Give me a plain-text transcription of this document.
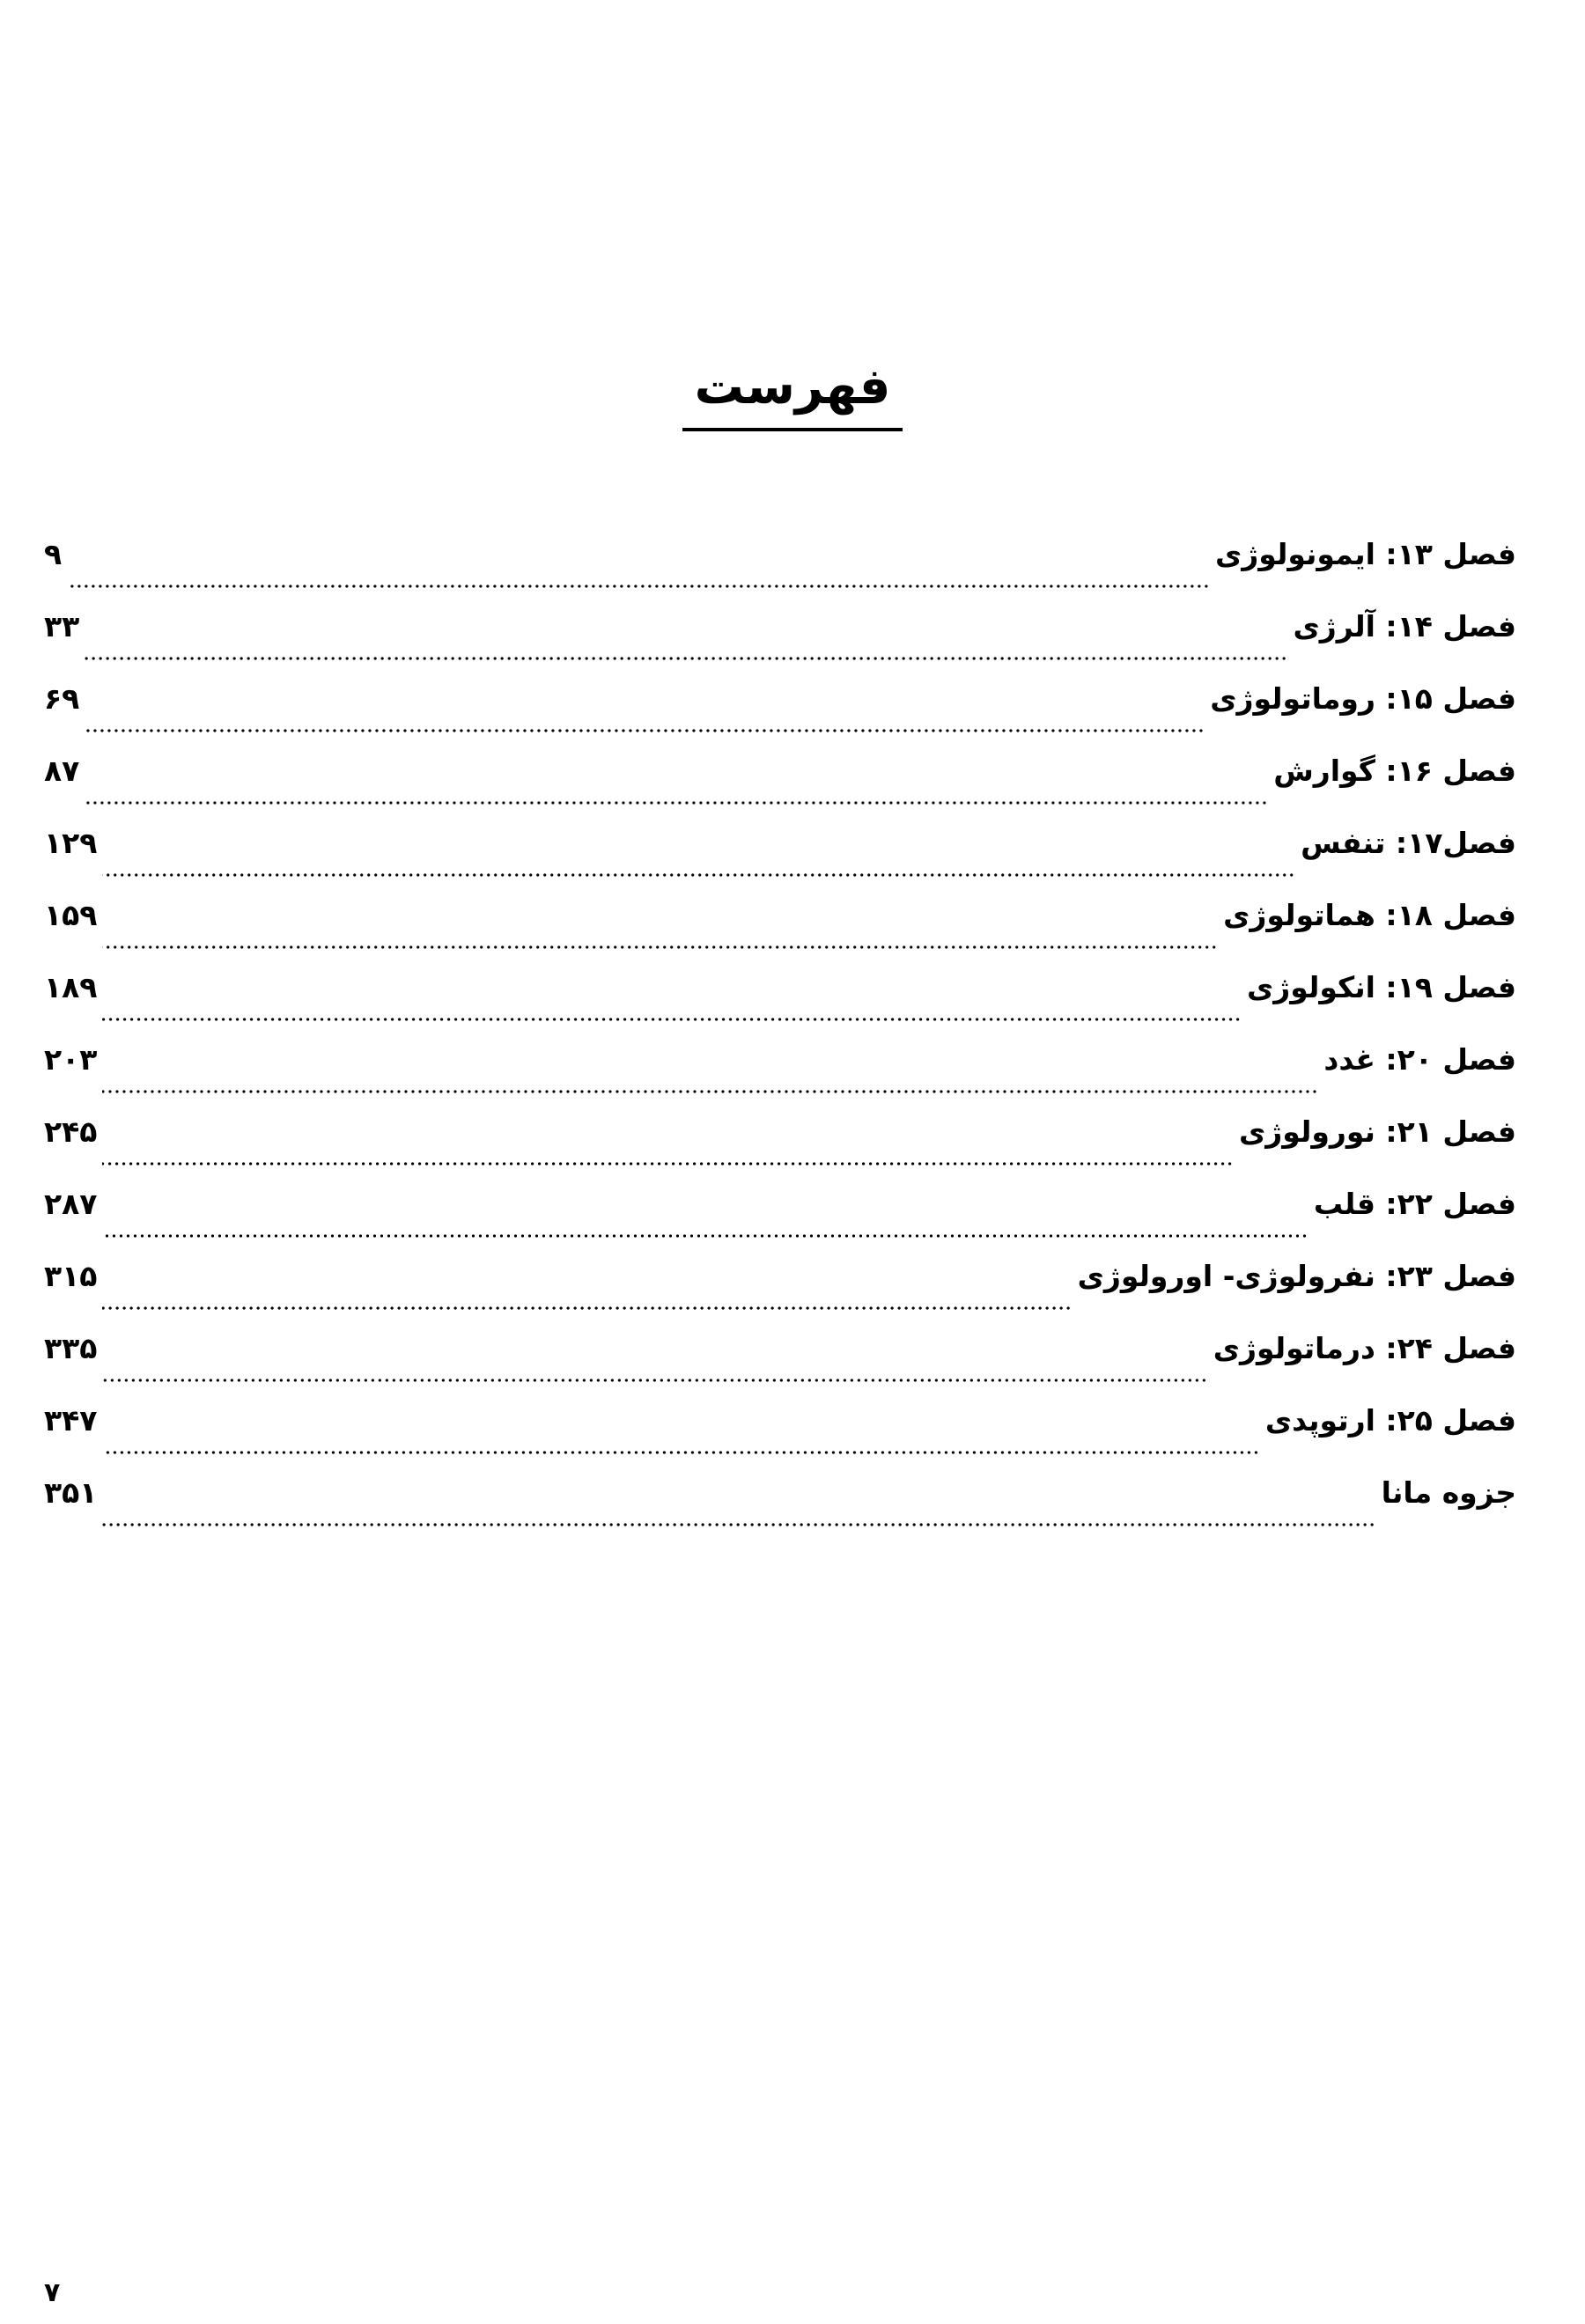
فهرست
فصل ۱۳: ایمونولوژی
۹
فصل ۱۴: آلرژی
۳۳
فصل ۱۵: روماتولوژی
۶۹
فصل ۱۶: گوارش
۸۷
فصل۱۷: تنفس
۱۲۹
فصل ۱۸: هماتولوژی
۱۵۹
فصل ۱۹: انکولوژی
۱۸۹
فصل ۲۰: غدد
۲۰۳
فصل ۲۱: نورولوژی
۲۴۵
فصل ۲۲: قلب
۲۸۷
فصل ۲۳: نفرولوژی- اورولوژی
۳۱۵
فصل ۲۴: درماتولوژی
۳۳۵
فصل ۲۵: ارتوپدی
۳۴۷
جزوه مانا
۳۵۱
۷
